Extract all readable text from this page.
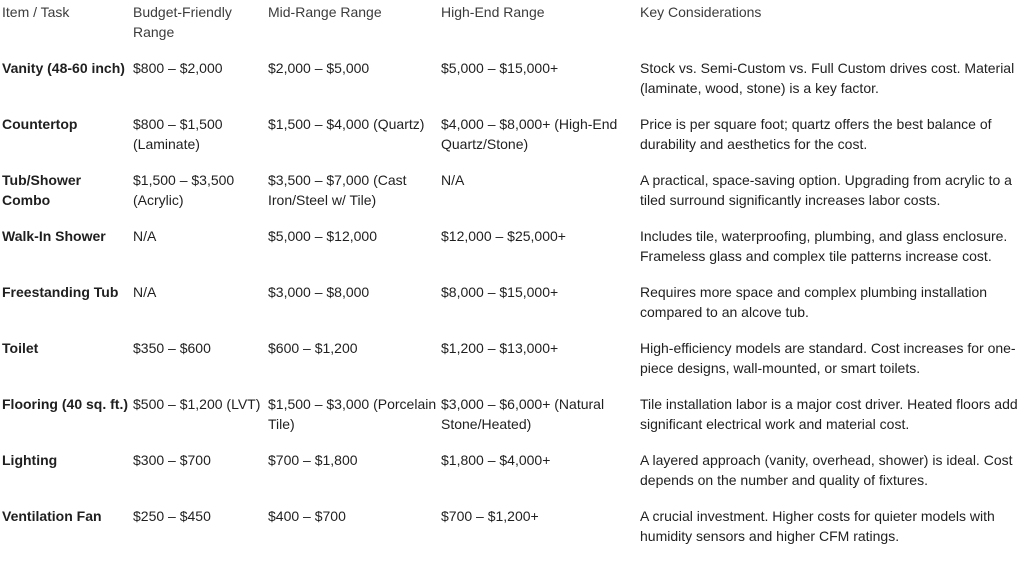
Item / Task	Budget-Friendly Range	Mid-Range Range	High-End Range	Key Considerations
Vanity (48-60 inch)	$800 – $2,000	$2,000 – $5,000	$5,000 – $15,000+	Stock vs. Semi-Custom vs. Full Custom drives cost. Material (laminate, wood, stone) is a key factor.
Countertop	$800 – $1,500 (Laminate)	$1,500 – $4,000 (Quartz)	$4,000 – $8,000+ (High-End Quartz/Stone)	Price is per square foot; quartz offers the best balance of durability and aesthetics for the cost.
Tub/Shower Combo	$1,500 – $3,500 (Acrylic)	$3,500 – $7,000 (Cast Iron/Steel w/ Tile)	N/A	A practical, space-saving option. Upgrading from acrylic to a tiled surround significantly increases labor costs.
Walk-In Shower	N/A	$5,000 – $12,000	$12,000 – $25,000+	Includes tile, waterproofing, plumbing, and glass enclosure. Frameless glass and complex tile patterns increase cost.
Freestanding Tub	N/A	$3,000 – $8,000	$8,000 – $15,000+	Requires more space and complex plumbing installation compared to an alcove tub.
Toilet	$350 – $600	$600 – $1,200	$1,200 – $13,000+	High-efficiency models are standard. Cost increases for one-piece designs, wall-mounted, or smart toilets.
Flooring (40 sq. ft.)	$500 – $1,200 (LVT)	$1,500 – $3,000 (Porcelain Tile)	$3,000 – $6,000+ (Natural Stone/Heated)	Tile installation labor is a major cost driver. Heated floors add significant electrical work and material cost.
Lighting	$300 – $700	$700 – $1,800	$1,800 – $4,000+	A layered approach (vanity, overhead, shower) is ideal. Cost depends on the number and quality of fixtures.
Ventilation Fan	$250 – $450	$400 – $700	$700 – $1,200+	A crucial investment. Higher costs for quieter models with humidity sensors and higher CFM ratings.
